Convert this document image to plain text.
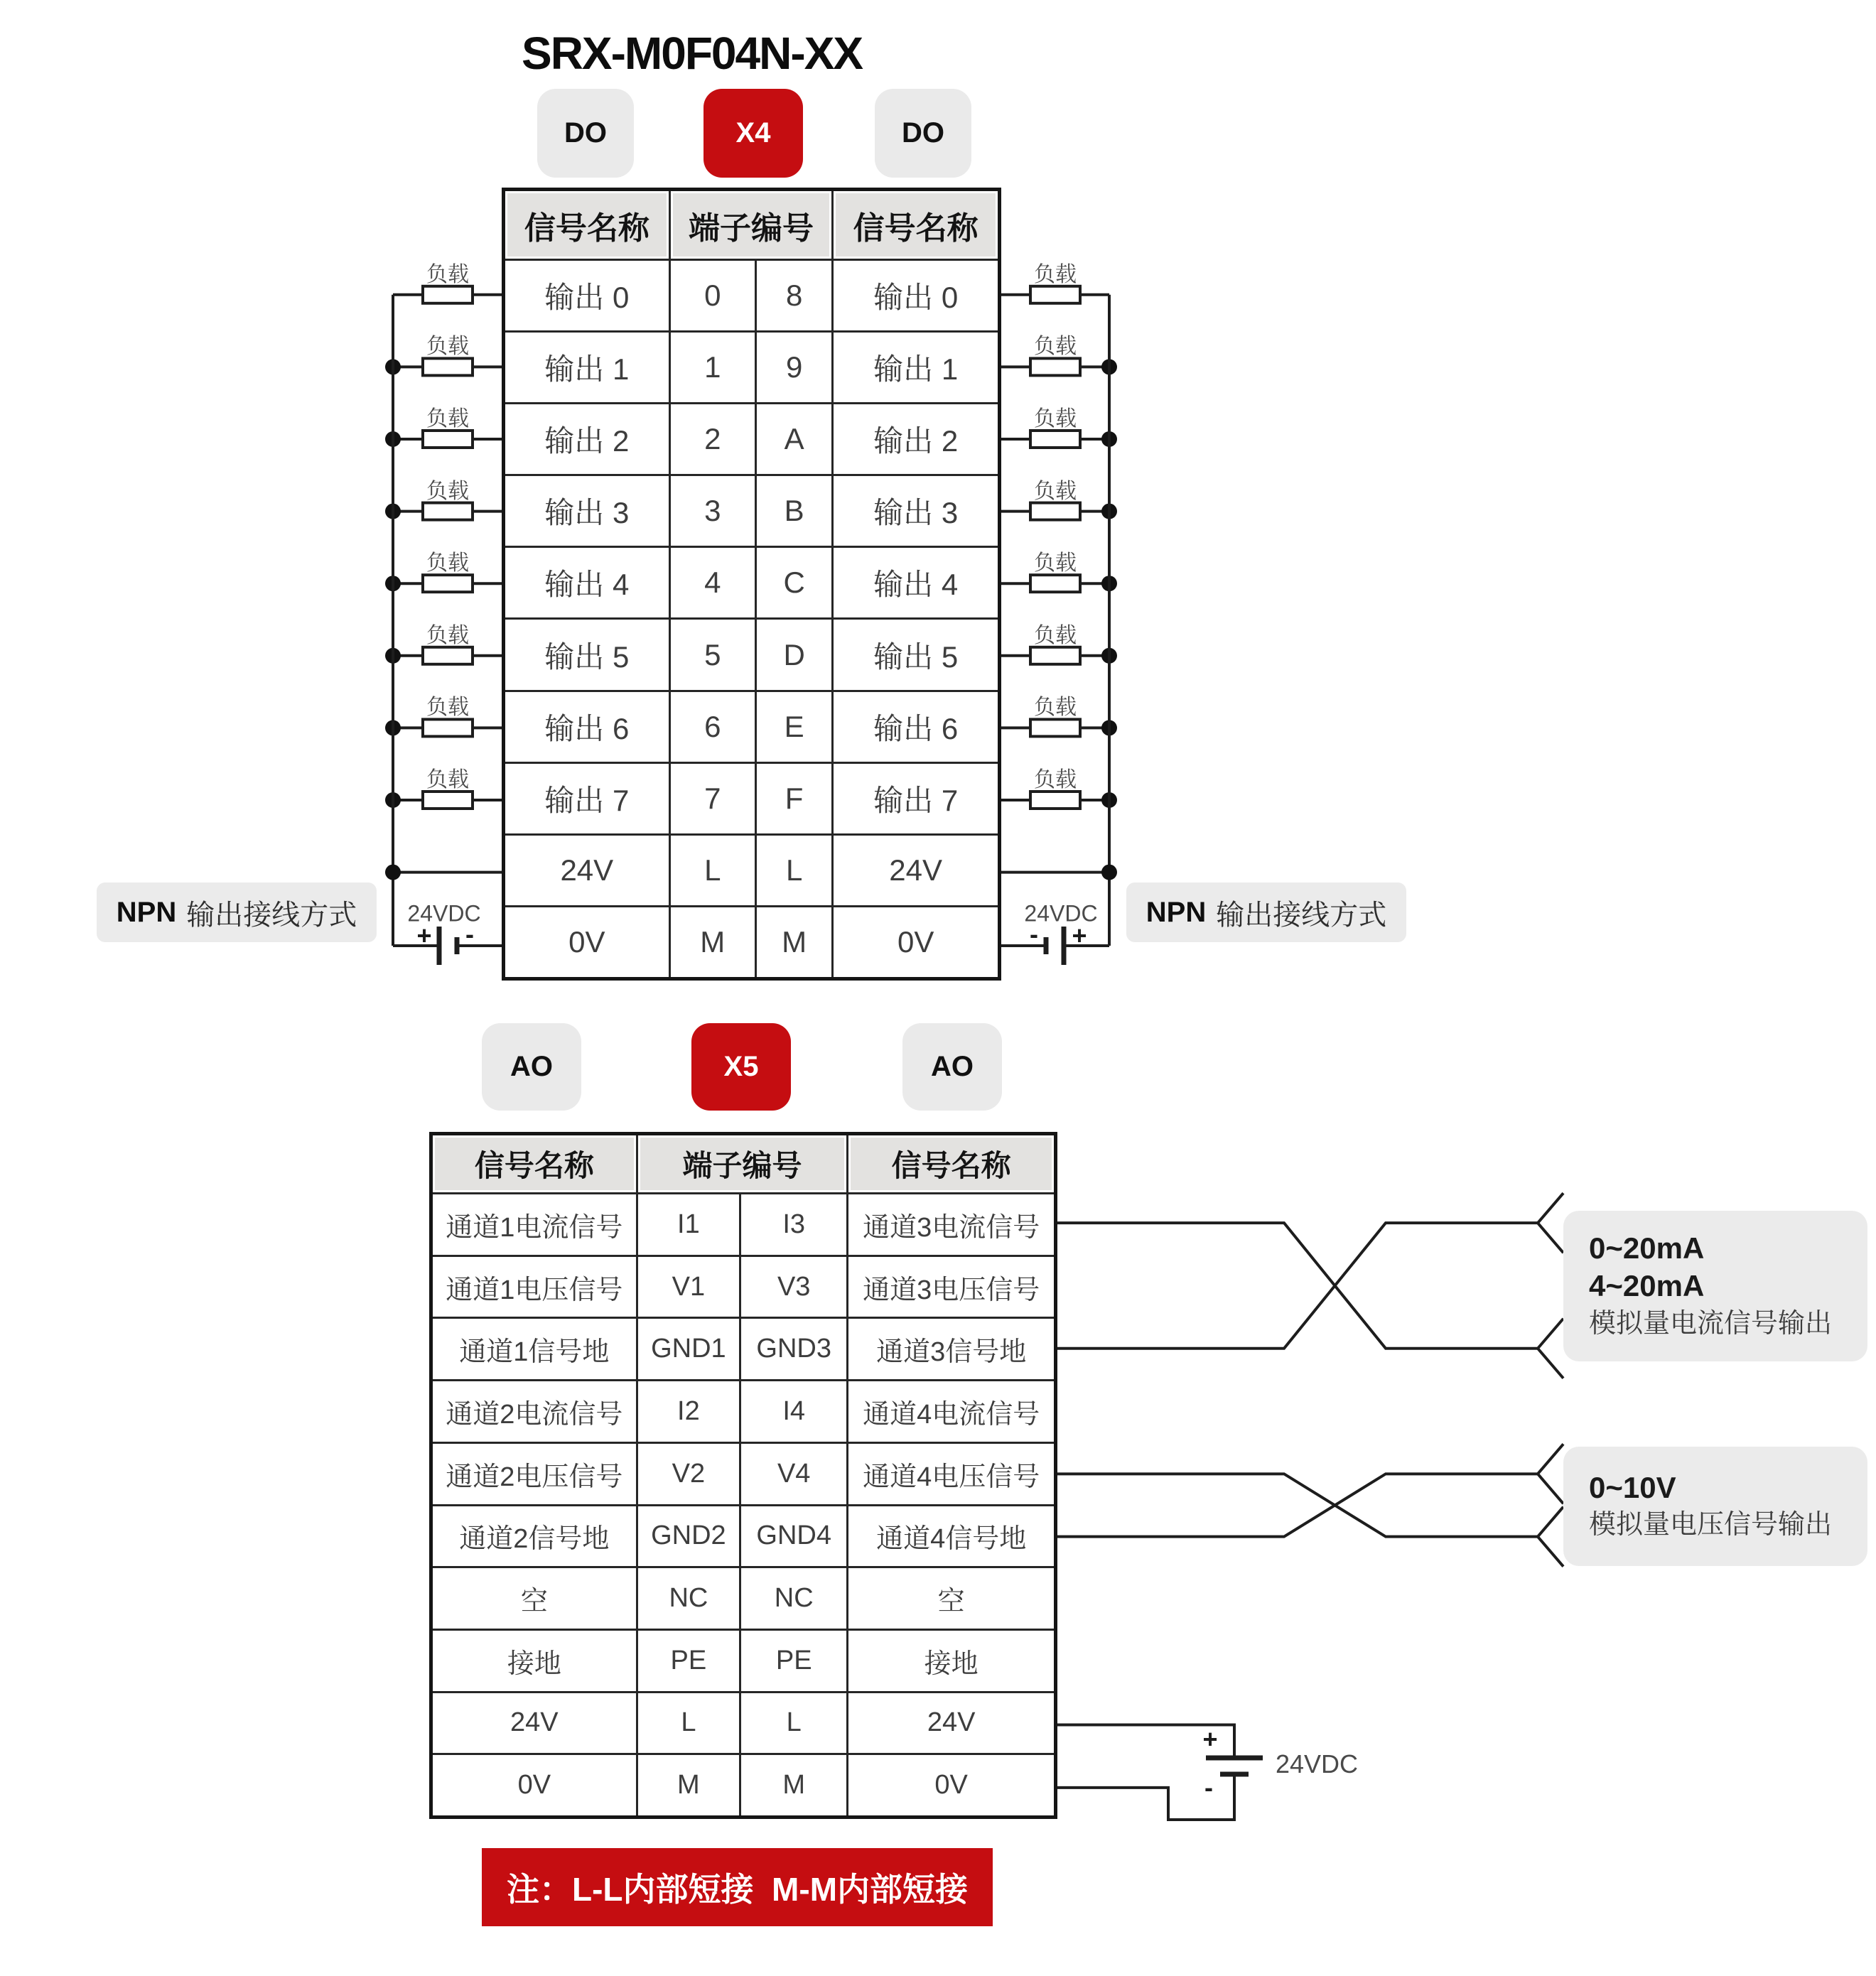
SRX-M0F04N-XX
DO	X4	DO
信号名称	端子编号	信号名称
输出 0	0	8	输出 0
输出 1	1	9	输出 1
输出 2	2	A	输出 2
输出 3	3	B	输出 3
输出 4	4	C	输出 4
输出 5	5	D	输出 5
输出 6	6	E	输出 6
输出 7	7	F	输出 7
24V	L	L	24V
0V	M	M	0V
NPN 输出接线方式	NPN 输出接线方式
AO	X5	AO
信号名称	端子编号	信号名称
通道1电流信号	I1	I3	通道3电流信号
通道1电压信号	V1	V3	通道3电压信号
通道1信号地	GND1	GND3	通道3信号地
通道2电流信号	I2	I4	通道4电流信号
通道2电压信号	V2	V4	通道4电压信号
通道2信号地	GND2	GND4	通道4信号地
空	NC	NC	空
接地	PE	PE	接地
24V	L	L	24V
0V	M	M	0V
0~20mA
4~20mA
模拟量电流信号输出
0~10V
模拟量电压信号输出
注：L-L内部短接  M-M内部短接
负载	负载
负载	负载
负载	负载
负载	负载
负载	负载
负载	负载
负载	负载
负载	负载
24VDC
+ -
24VDC
- +
+
-
24VDC
